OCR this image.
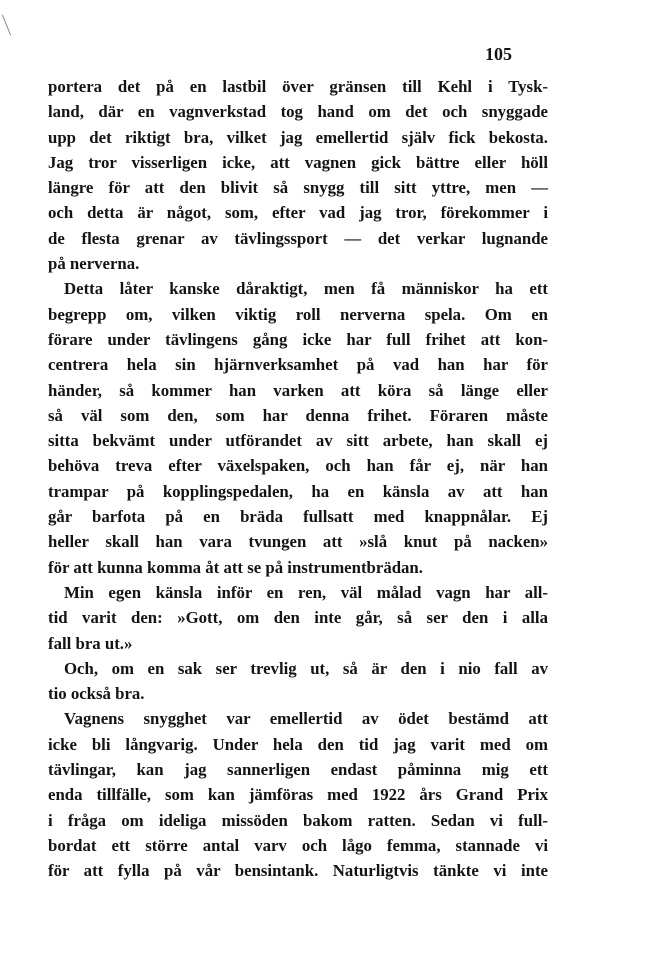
105
portera det på en lastbil över gränsen till Kehl i Tysk-
land, där en vagnverkstad tog hand om det och snyggade
upp det riktigt bra, vilket jag emellertid själv fick bekosta.
Jag tror visserligen icke, att vagnen gick bättre eller höll
längre för att den blivit så snygg till sitt yttre, men —
och detta är något, som, efter vad jag tror, förekommer i
de flesta grenar av tävlingssport — det verkar lugnande
på nerverna.
Detta låter kanske dåraktigt, men få människor ha ett
begrepp om, vilken viktig roll nerverna spela. Om en
förare under tävlingens gång icke har full frihet att kon-
centrera hela sin hjärnverksamhet på vad han har för
händer, så kommer han varken att köra så länge eller
så väl som den, som har denna frihet. Föraren måste
sitta bekvämt under utförandet av sitt arbete, han skall ej
behöva treva efter växelspaken, och han får ej, när han
trampar på kopplingspedalen, ha en känsla av att han
går barfota på en bräda fullsatt med knappnålar. Ej
heller skall han vara tvungen att »slå knut på nacken»
för att kunna komma åt att se på instrumentbrädan.
Min egen känsla inför en ren, väl målad vagn har all-
tid varit den: »Gott, om den inte går, så ser den i alla
fall bra ut.»
Och, om en sak ser trevlig ut, så är den i nio fall av
tio också bra.
Vagnens snygghet var emellertid av ödet bestämd att
icke bli långvarig. Under hela den tid jag varit med om
tävlingar, kan jag sannerligen endast påminna mig ett
enda tillfälle, som kan jämföras med 1922 års Grand Prix
i fråga om ideliga missöden bakom ratten. Sedan vi full-
bordat ett större antal varv och lågo femma, stannade vi
för att fylla på vår bensintank. Naturligtvis tänkte vi inte
